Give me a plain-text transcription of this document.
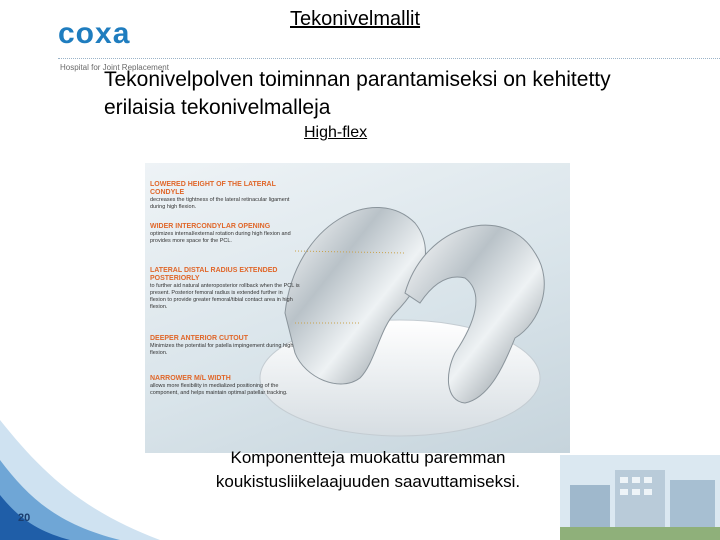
coxa
Hospital for Joint Replacement
Tekonivelmallit
Tekonivelpolven toiminnan parantamiseksi on kehitetty erilaisia tekonivelmalleja
High-flex
LOWERED HEIGHT OF THE LATERAL CONDYLE
decreases the tightness of the lateral retinacular ligament during high flexion.
WIDER INTERCONDYLAR OPENING
optimizes internal/external rotation during high flexion and provides more space for the PCL.
LATERAL DISTAL RADIUS EXTENDED POSTERIORLY
to further aid natural anteroposterior rollback when the PCL is present. Posterior femoral radius is extended further in flexion to provide greater femoral/tibial contact area in high flexion.
DEEPER ANTERIOR CUTOUT
Minimizes the potential for patella impingement during high flexion.
NARROWER M/L WIDTH
allows more flexibility in medialized positioning of the component, and helps maintain optimal patellar tracking.
Komponentteja muokattu paremman koukistusliikelaajuuden saavuttamiseksi.
20
